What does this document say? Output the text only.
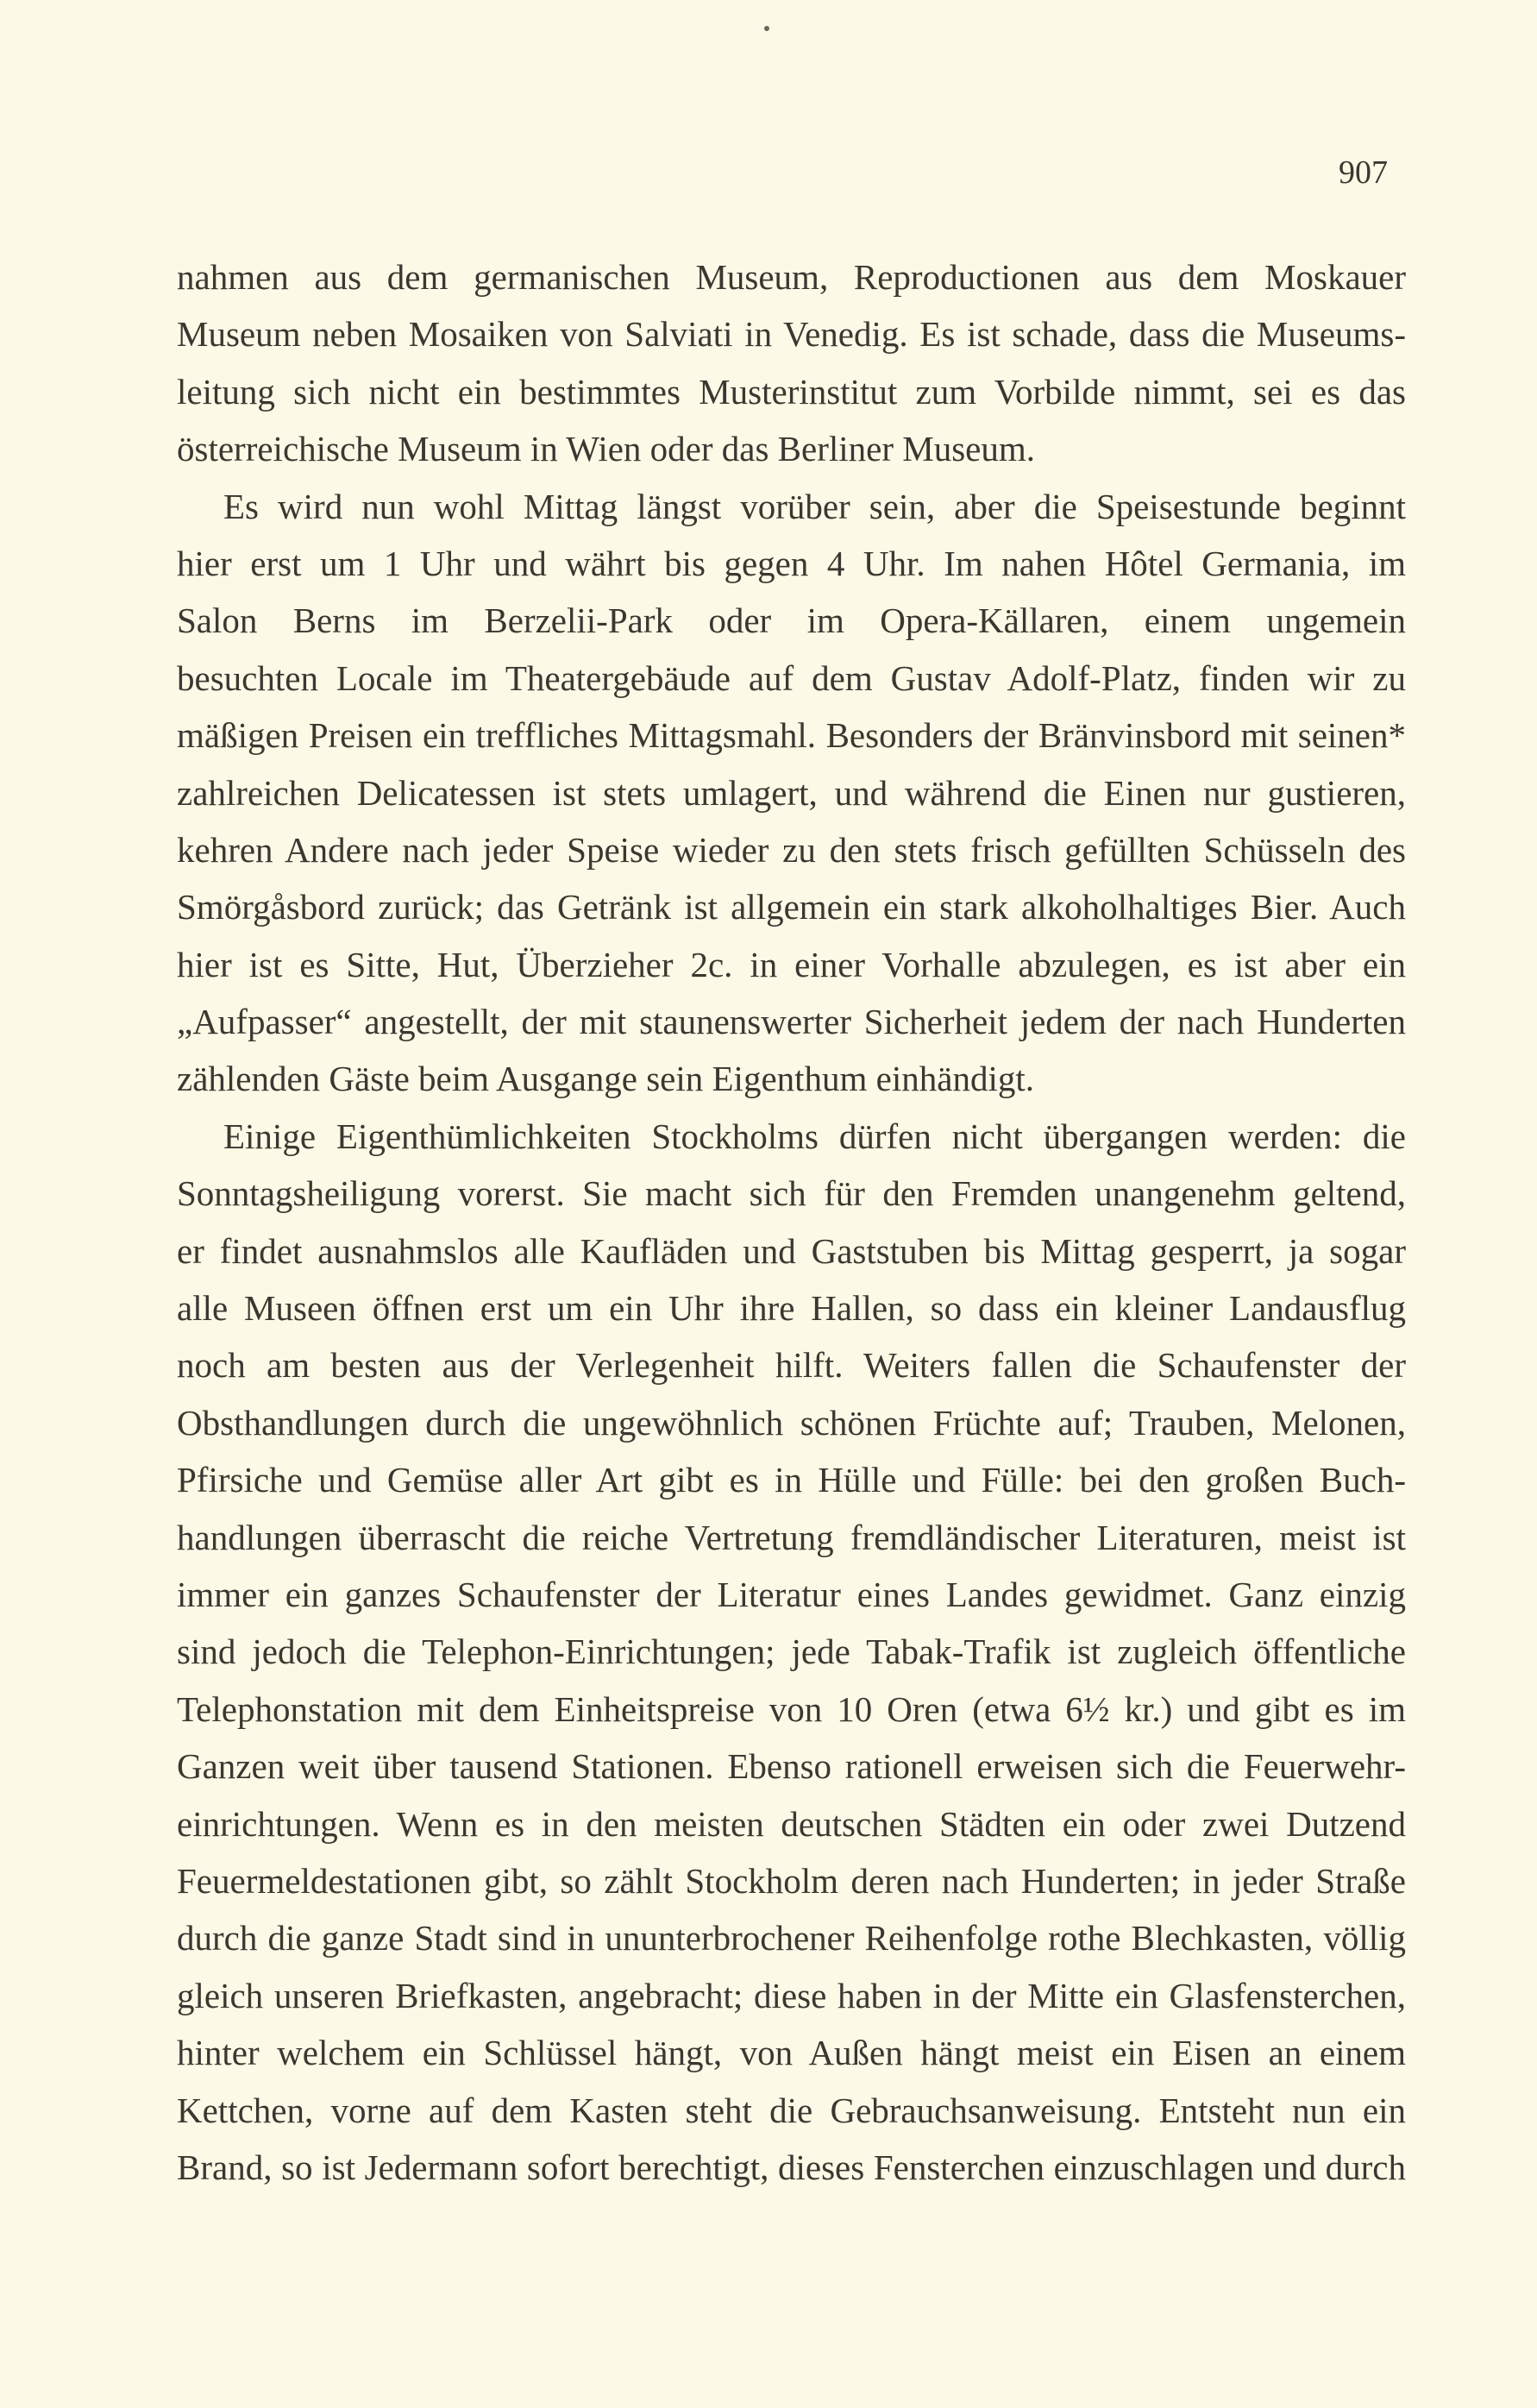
907
nahmen aus dem germanischen Museum, Reproductionen aus dem Moskauer
Museum neben Mosaiken von Salviati in Venedig. Es ist schade, dass die Museums-
leitung sich nicht ein bestimmtes Musterinstitut zum Vorbilde nimmt, sei es das
österreichische Museum in Wien oder das Berliner Museum.
Es wird nun wohl Mittag längst vorüber sein, aber die Speisestunde beginnt
hier erst um 1 Uhr und währt bis gegen 4 Uhr. Im nahen Hôtel Germania, im
Salon Berns im Berzelii-Park oder im Opera-Källaren, einem ungemein
besuchten Locale im Theatergebäude auf dem Gustav Adolf-Platz, finden wir zu
mäßigen Preisen ein treffliches Mittagsmahl. Besonders der Bränvinsbord mit seinen*
zahlreichen Delicatessen ist stets umlagert, und während die Einen nur gustieren,
kehren Andere nach jeder Speise wieder zu den stets frisch gefüllten Schüsseln des
Smörgåsbord zurück; das Getränk ist allgemein ein stark alkoholhaltiges Bier. Auch
hier ist es Sitte, Hut, Überzieher 2c. in einer Vorhalle abzulegen, es ist aber ein
„Aufpasser“ angestellt, der mit staunenswerter Sicherheit jedem der nach Hunderten
zählenden Gäste beim Ausgange sein Eigenthum einhändigt.
Einige Eigenthümlichkeiten Stockholms dürfen nicht übergangen werden: die
Sonntagsheiligung vorerst. Sie macht sich für den Fremden unangenehm geltend,
er findet ausnahmslos alle Kaufläden und Gaststuben bis Mittag gesperrt, ja sogar
alle Museen öffnen erst um ein Uhr ihre Hallen, so dass ein kleiner Landausflug
noch am besten aus der Verlegenheit hilft. Weiters fallen die Schaufenster der
Obsthandlungen durch die ungewöhnlich schönen Früchte auf; Trauben, Melonen,
Pfirsiche und Gemüse aller Art gibt es in Hülle und Fülle: bei den großen Buch-
handlungen überrascht die reiche Vertretung fremdländischer Literaturen, meist ist
immer ein ganzes Schaufenster der Literatur eines Landes gewidmet. Ganz einzig
sind jedoch die Telephon-Einrichtungen; jede Tabak-Trafik ist zugleich öffentliche
Telephonstation mit dem Einheitspreise von 10 Oren (etwa 6½ kr.) und gibt es im
Ganzen weit über tausend Stationen. Ebenso rationell erweisen sich die Feuerwehr-
einrichtungen. Wenn es in den meisten deutschen Städten ein oder zwei Dutzend
Feuermeldestationen gibt, so zählt Stockholm deren nach Hunderten; in jeder Straße
durch die ganze Stadt sind in ununterbrochener Reihenfolge rothe Blechkasten, völlig
gleich unseren Briefkasten, angebracht; diese haben in der Mitte ein Glasfensterchen,
hinter welchem ein Schlüssel hängt, von Außen hängt meist ein Eisen an einem
Kettchen, vorne auf dem Kasten steht die Gebrauchsanweisung. Entsteht nun ein
Brand, so ist Jedermann sofort berechtigt, dieses Fensterchen einzuschlagen und durch
